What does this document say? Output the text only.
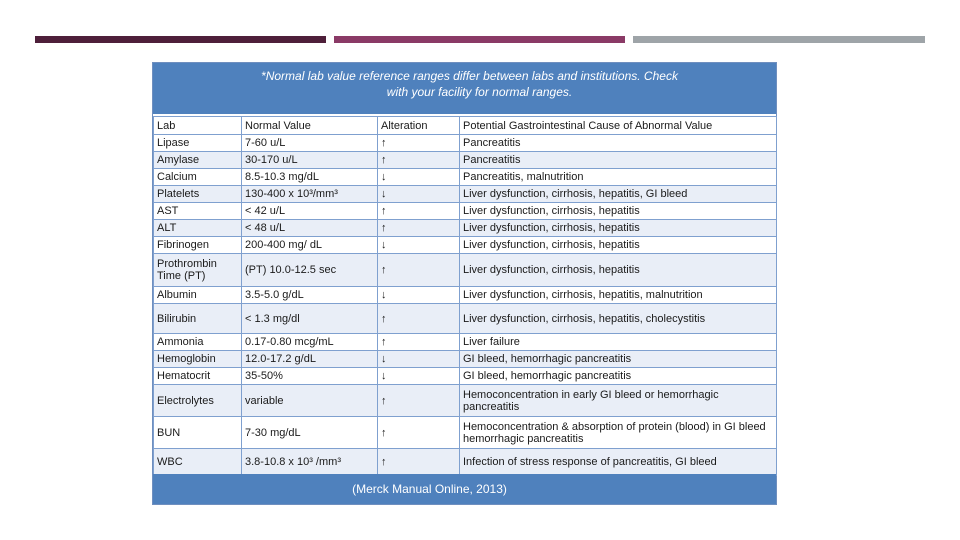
*Normal lab value reference ranges differ between labs and institutions. Check
with your facility for normal ranges.
Lab	Normal Value	Alteration	Potential Gastrointestinal Cause of Abnormal Value
Lipase	7-60 u/L	↑	Pancreatitis
Amylase	30-170 u/L	↑	Pancreatitis
Calcium	8.5-10.3 mg/dL	↓	Pancreatitis, malnutrition
Platelets	130-400 x 10³/mm³	↓	Liver dysfunction, cirrhosis, hepatitis, GI bleed
AST	< 42 u/L	↑	Liver dysfunction, cirrhosis, hepatitis
ALT	< 48 u/L	↑	Liver dysfunction, cirrhosis, hepatitis
Fibrinogen	200-400 mg/ dL	↓	Liver dysfunction, cirrhosis, hepatitis
Prothrombin Time (PT)	(PT) 10.0-12.5 sec	↑	Liver dysfunction, cirrhosis, hepatitis
Albumin	3.5-5.0 g/dL	↓	Liver dysfunction, cirrhosis, hepatitis, malnutrition
Bilirubin	< 1.3 mg/dl	↑	Liver dysfunction, cirrhosis, hepatitis, cholecystitis
Ammonia	0.17-0.80 mcg/mL	↑	Liver failure
Hemoglobin	12.0-17.2 g/dL	↓	GI bleed, hemorrhagic pancreatitis
Hematocrit	35-50%	↓	GI bleed, hemorrhagic pancreatitis
Electrolytes	variable	↑	Hemoconcentration in early GI bleed or hemorrhagic pancreatitis
BUN	7-30 mg/dL	↑	Hemoconcentration & absorption of protein (blood) in GI bleed hemorrhagic pancreatitis
WBC	3.8-10.8 x 10³ /mm³	↑	Infection of stress response of pancreatitis, GI bleed
(Merck Manual Online, 2013)
